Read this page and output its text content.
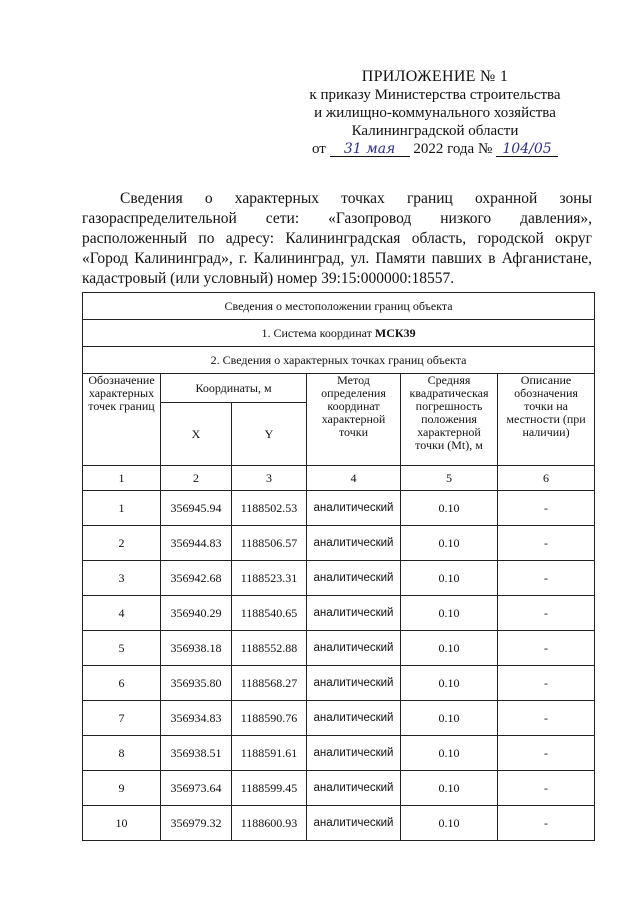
ПРИЛОЖЕНИЕ № 1
к приказу Министерства строительства
и жилищно-коммунального хозяйства
Калининградской области
от 31 мая 2022 года № 104/05

Сведения о характерных точках границ охранной зоны газораспределительной сети: «Газопровод низкого давления», расположенный по адресу: Калининградская область, городской округ «Город Калининград», г. Калининград, ул. Памяти павших в Афганистане, кадастровый (или условный) номер 39:15:000000:18557.

Сведения о местоположении границ объекта					
1. Система координат МСК39					
2. Сведения о характерных точках границ объекта					
Обозначение характерных точек границ	Координаты, м		Метод определения координат характерной точки	Средняя квадратическая погрешность положения характерной точки (Mt), м	Описание обозначения точки на местности (при наличии)
	X	Y			
1	2	3	4	5	6
1	356945.94	1188502.53	аналитический	0.10	-
2	356944.83	1188506.57	аналитический	0.10	-
3	356942.68	1188523.31	аналитический	0.10	-
4	356940.29	1188540.65	аналитический	0.10	-
5	356938.18	1188552.88	аналитический	0.10	-
6	356935.80	1188568.27	аналитический	0.10	-
7	356934.83	1188590.76	аналитический	0.10	-
8	356938.51	1188591.61	аналитический	0.10	-
9	356973.64	1188599.45	аналитический	0.10	-
10	356979.32	1188600.93	аналитический	0.10	-
